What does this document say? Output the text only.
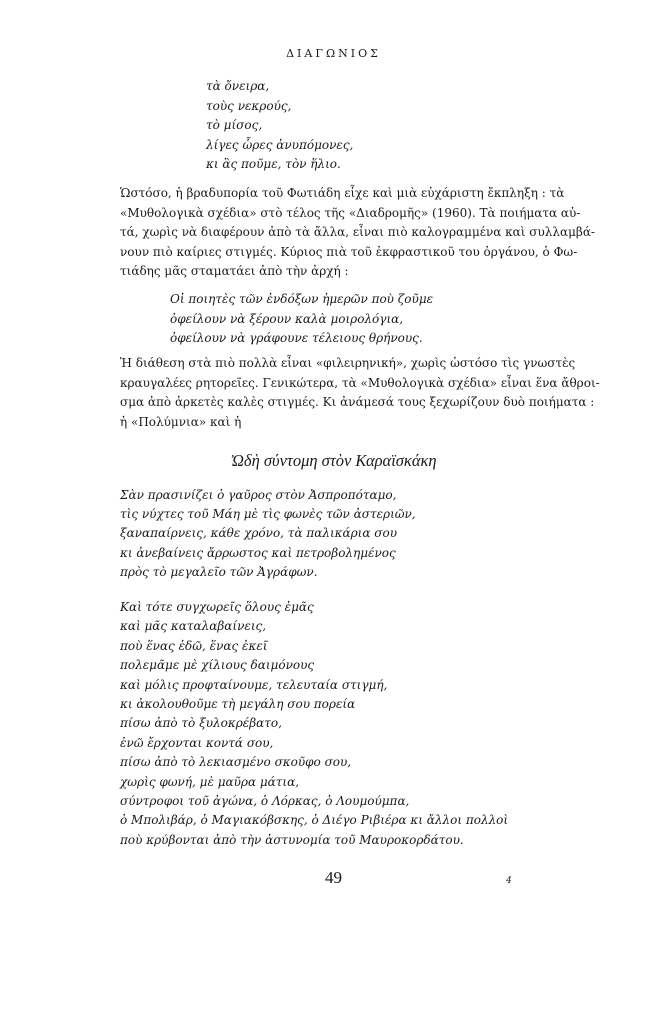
ΔΙΑΓΩΝΙΟΣ
τὰ ὄνειρα,
τοὺς νεκρούς,
τὸ μίσος,
λίγες ὧρες ἀνυπόμονες,
κι ἃς ποῦμε, τὸν ἥλιο.
Ὡστόσο, ἡ βραδυπορία τοῦ Φωτιάδη εἶχε καὶ μιὰ εὐχάριστη ἔκπληξη : τὰ
«Μυθολογικὰ σχέδια» στὸ τέλος τῆς «Διαδρομῆς» (1960). Τὰ ποιήματα αὐ-
τά, χωρὶς νὰ διαφέρουν ἀπὸ τὰ ἄλλα, εἶναι πιὸ καλογραμμένα καὶ συλλαμβά-
νουν πιὸ καίριες στιγμές. Κύριος πιὰ τοῦ ἐκφραστικοῦ του ὀργάνου, ὁ Φω-
τιάδης μᾶς σταματάει ἀπὸ τὴν ἀρχή :
Οἱ ποιητὲς τῶν ἐνδόξων ἡμερῶν ποὺ ζοῦμε
ὀφείλουν νὰ ξέρουν καλὰ μοιρολόγια,
ὀφείλουν νὰ γράφουνε τέλειους θρήνους.
Ἡ διάθεση στὰ πιὸ πολλὰ εἶναι «φιλειρηνική», χωρὶς ὡστόσο τὶς γνωστὲς
κραυγαλέες ρητορεῖες. Γενικώτερα, τὰ «Μυθολογικὰ σχέδια» εἶναι ἕνα ἄθροι-
σμα ἀπὸ ἀρκετὲς καλὲς στιγμές. Κι ἀνάμεσά τους ξεχωρίζουν δυὸ ποιήματα :
ἡ «Πολύμνια» καὶ ἡ
Ὠδὴ σύντομη στὸν Καραϊσκάκη
Σὰν πρασινίζει ὁ γαῦρος στὸν Ἀσπροπόταμο,
τὶς νύχτες τοῦ Μάη μὲ τὶς φωνὲς τῶν ἀστεριῶν,
ξαναπαίρνεις, κάθε χρόνο, τὰ παλικάρια σου
κι ἀνεβαίνεις ἄρρωστος καὶ πετροβολημένος
πρὸς τὸ μεγαλεῖο τῶν Ἀγράφων.
Καὶ τότε συγχωρεῖς ὅλους ἐμᾶς
καὶ μᾶς καταλαβαίνεις,
ποὺ ἕνας ἐδῶ, ἕνας ἐκεῖ
πολεμᾶμε μὲ χίλιους δαιμόνους
καὶ μόλις προφταίνουμε, τελευταία στιγμή,
κι ἀκολουθοῦμε τὴ μεγάλη σου πορεία
πίσω ἀπὸ τὸ ξυλοκρέβατο,
ἐνῶ ἔρχονται κοντά σου,
πίσω ἀπὸ τὸ λεκιασμένο σκοῦφο σου,
χωρὶς φωνή, μὲ μαῦρα μάτια,
σύντροφοι τοῦ ἀγώνα, ὁ Λόρκας, ὁ Λουμούμπα,
ὁ Μπολιβάρ, ὁ Μαγιακόβσκης, ὁ Διέγο Ριβιέρα κι ἄλλοι πολλοὶ
ποὺ κρύβονται ἀπὸ τὴν ἀστυνομία τοῦ Μαυροκορδάτου.
49	4
